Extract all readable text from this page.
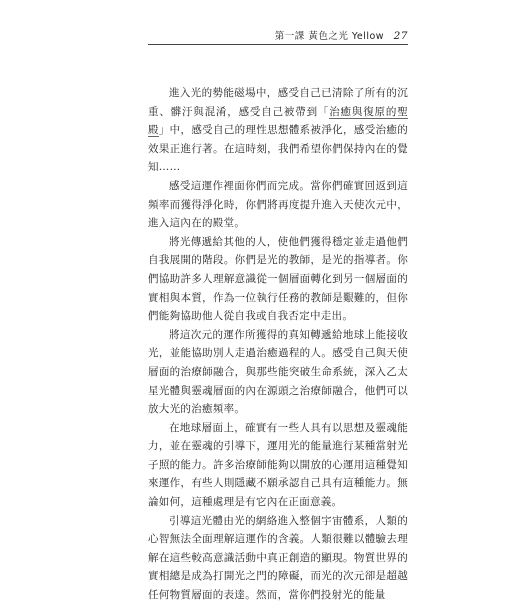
第一課 黃色之光 Yellow 27

進入光的勢能磁場中，感受自己已清除了所有的沉重、髒汙與混淆，感受自己被帶到「治癒與復原的聖殿」中，感受自己的理性思想體系被淨化，感受治癒的效果正進行著。在這時刻，我們希望你們保持內在的覺知……

感受這運作裡面你們而完成。當你們確實回返到這頻率而獲得淨化時，你們將再度提升進入天使次元中，進入這內在的殿堂。

將光傳遞給其他的人，使他們獲得穩定並走過他們自我展開的階段。你們是光的教師，是光的指導者。你們協助許多人理解意識從一個層面轉化到另一個層面的實相與本質，作為一位執行任務的教師是艱難的，但你們能夠協助他人從自我或自我否定中走出。

將這次元的運作所獲得的真知轉遞給地球上能接收光，並能協助別人走過治癒過程的人。感受自己與天使層面的治療師融合，與那些能突破生命系統，深入乙太星光體與靈魂層面的內在源頭之治療師融合，他們可以放大光的治癒頻率。

在地球層面上，確實有一些人具有以思想及靈魂能力，並在靈魂的引導下，運用光的能量進行某種當射光子照的能力。許多治療師能夠以開放的心運用這種覺知來運作，有些人則隱藏不願承認自己具有這種能力。無論如何，這種處理是有它內在正面意義。

引導這光體由光的網絡進入整個宇宙體系，人類的心智無法全面理解這運作的含義。人類很難以體驗去理解在這些較高意識活動中真正創造的顯現。物質世界的實相總是成為打開光之門的障礙，而光的次元卻是超越任何物質層面的表達。然而，當你們投射光的能量
